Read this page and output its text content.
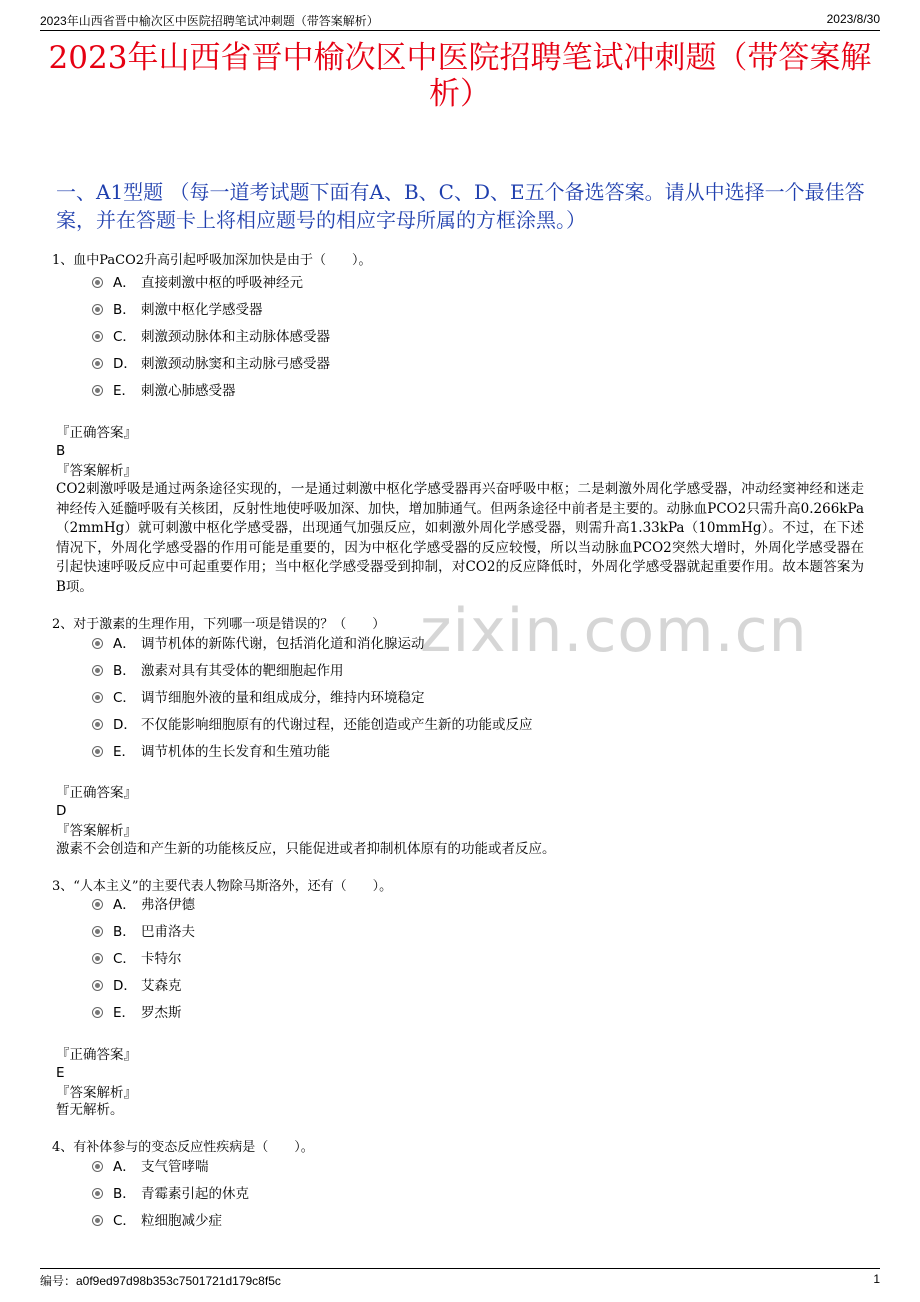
2023年山西省晋中榆次区中医院招聘笔试冲刺题（带答案解析）	2023/8/30
2023年山西省晋中榆次区中医院招聘笔试冲刺题（带答案解析）
一、A1型题 （每一道考试题下面有A、B、C、D、E五个备选答案。请从中选择一个最佳答案，并在答题卡上将相应题号的相应字母所属的方框涂黑。）
zixin.com.cn
1、血中PaCO2升高引起呼吸加深加快是由于（　　）。
A． 直接刺激中枢的呼吸神经元
B． 刺激中枢化学感受器
C． 刺激颈动脉体和主动脉体感受器
D． 刺激颈动脉窦和主动脉弓感受器
E． 刺激心肺感受器
『正确答案』
B
『答案解析』
CO2刺激呼吸是通过两条途径实现的，一是通过刺激中枢化学感受器再兴奋呼吸中枢；二是刺激外周化学感受器，冲动经窦神经和迷走神经传入延髓呼吸有关核团，反射性地使呼吸加深、加快，增加肺通气。但两条途径中前者是主要的。动脉血PCO2只需升高0.266kPa（2mmHg）就可刺激中枢化学感受器，出现通气加强反应，如刺激外周化学感受器，则需升高1.33kPa（10mmHg）。不过，在下述情况下，外周化学感受器的作用可能是重要的，因为中枢化学感受器的反应较慢，所以当动脉血PCO2突然大增时，外周化学感受器在引起快速呼吸反应中可起重要作用；当中枢化学感受器受到抑制，对CO2的反应降低时，外周化学感受器就起重要作用。故本题答案为B项。
2、对于激素的生理作用，下列哪一项是错误的？（　　）
A． 调节机体的新陈代谢，包括消化道和消化腺运动
B． 激素对具有其受体的靶细胞起作用
C． 调节细胞外液的量和组成成分，维持内环境稳定
D． 不仅能影响细胞原有的代谢过程，还能创造或产生新的功能或反应
E． 调节机体的生长发育和生殖功能
『正确答案』
D
『答案解析』
激素不会创造和产生新的功能核反应，只能促进或者抑制机体原有的功能或者反应。
3、“人本主义”的主要代表人物除马斯洛外，还有（　　）。
A． 弗洛伊德
B． 巴甫洛夫
C． 卡特尔
D． 艾森克
E． 罗杰斯
『正确答案』
E
『答案解析』
暂无解析。
4、有补体参与的变态反应性疾病是（　　）。
A． 支气管哮喘
B． 青霉素引起的休克
C． 粒细胞减少症
编号：a0f9ed97d98b353c7501721d179c8f5c	1
